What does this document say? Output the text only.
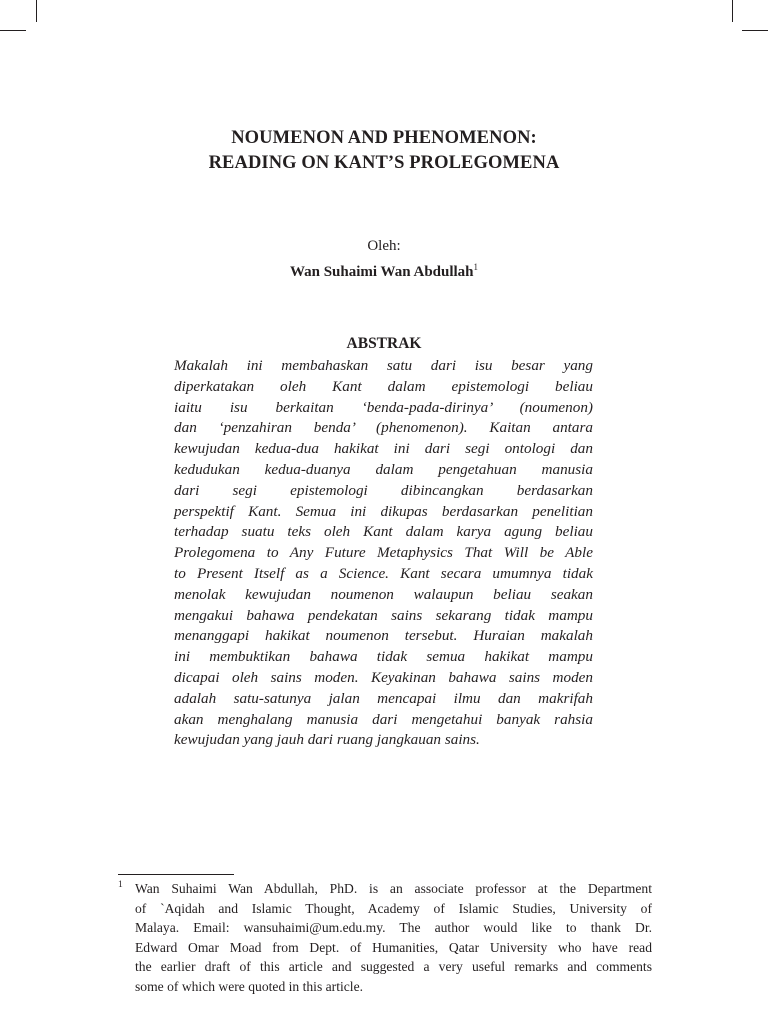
NOUMENON AND PHENOMENON:
READING ON KANT’S PROLEGOMENA
Oleh:
Wan Suhaimi Wan Abdullah$^1$
ABSTRAK
Makalah ini membahaskan satu dari isu besar yang
diperkatakan oleh Kant dalam epistemologi beliau
iaitu isu berkaitan ‘benda-pada-dirinya’ (noumenon)
dan ‘penzahiran benda’ (phenomenon). Kaitan antara
kewujudan kedua-dua hakikat ini dari segi ontologi dan
kedudukan kedua-duanya dalam pengetahuan manusia
dari segi epistemologi dibincangkan berdasarkan
perspektif Kant. Semua ini dikupas berdasarkan penelitian
terhadap suatu teks oleh Kant dalam karya agung beliau
Prolegomena to Any Future Metaphysics That Will be Able
to Present Itself as a Science. Kant secara umumnya tidak
menolak kewujudan noumenon walaupun beliau seakan
mengakui bahawa pendekatan sains sekarang tidak mampu
menanggapi hakikat noumenon tersebut. Huraian makalah
ini membuktikan bahawa tidak semua hakikat mampu
dicapai oleh sains moden. Keyakinan bahawa sains moden
adalah satu-satunya jalan mencapai ilmu dan makrifah
akan menghalang manusia dari mengetahui banyak rahsia
kewujudan yang jauh dari ruang jangkauan sains.
1 Wan Suhaimi Wan Abdullah, PhD. is an associate professor at the Department
of `Aqidah and Islamic Thought, Academy of Islamic Studies, University of
Malaya. Email: wansuhaimi@um.edu.my. The author would like to thank Dr.
Edward Omar Moad from Dept. of Humanities, Qatar University who have read
the earlier draft of this article and suggested a very useful remarks and comments
some of which were quoted in this article.
